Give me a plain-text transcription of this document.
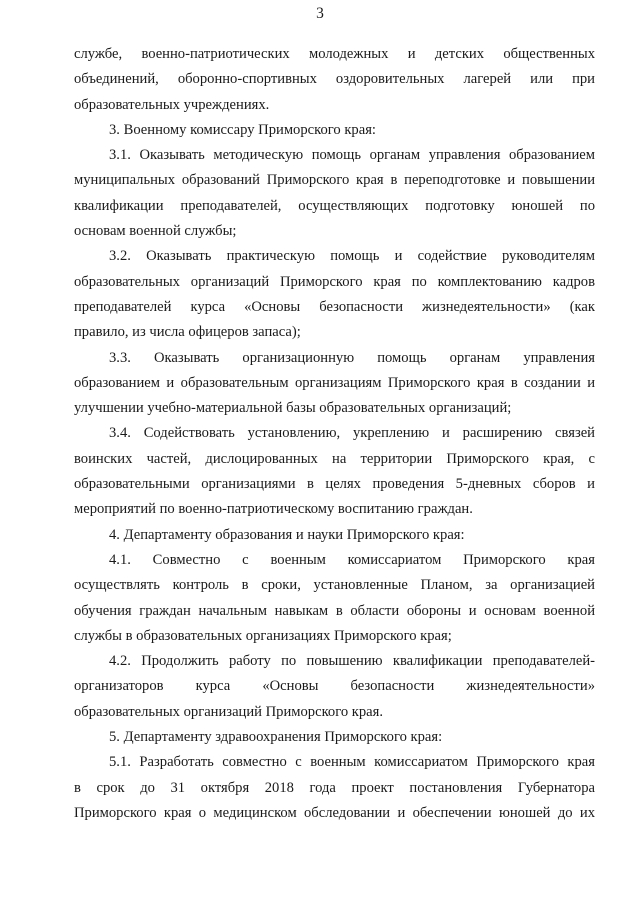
3
службе, военно-патриотических молодежных и детских общественных
объединений, оборонно-спортивных оздоровительных лагерей или при
образовательных учреждениях.
3. Военному комиссару Приморского края:
3.1. Оказывать методическую помощь органам управления образованием
муниципальных образований Приморского края в переподготовке и повышении
квалификации преподавателей, осуществляющих подготовку юношей по
основам военной службы;
3.2. Оказывать практическую помощь и содействие руководителям
образовательных организаций Приморского края по комплектованию кадров
преподавателей курса «Основы безопасности жизнедеятельности» (как
правило, из числа офицеров запаса);
3.3. Оказывать организационную помощь органам управления
образованием и образовательным организациям Приморского края в создании и
улучшении учебно-материальной базы образовательных организаций;
3.4. Содействовать установлению, укреплению и расширению связей
воинских частей, дислоцированных на территории Приморского края, с
образовательными организациями в целях проведения 5-дневных сборов и
мероприятий по военно-патриотическому воспитанию граждан.
4. Департаменту образования и науки Приморского края:
4.1. Совместно с военным комиссариатом Приморского края
осуществлять контроль в сроки, установленные Планом, за организацией
обучения граждан начальным навыкам в области обороны и основам военной
службы в образовательных организациях Приморского края;
4.2. Продолжить работу по повышению квалификации преподавателей-
организаторов курса «Основы безопасности жизнедеятельности»
образовательных организаций Приморского края.
5. Департаменту здравоохранения Приморского края:
5.1. Разработать совместно с военным комиссариатом Приморского края
в срок до 31 октября 2018 года проект постановления Губернатора
Приморского края о медицинском обследовании и обеспечении юношей до их
